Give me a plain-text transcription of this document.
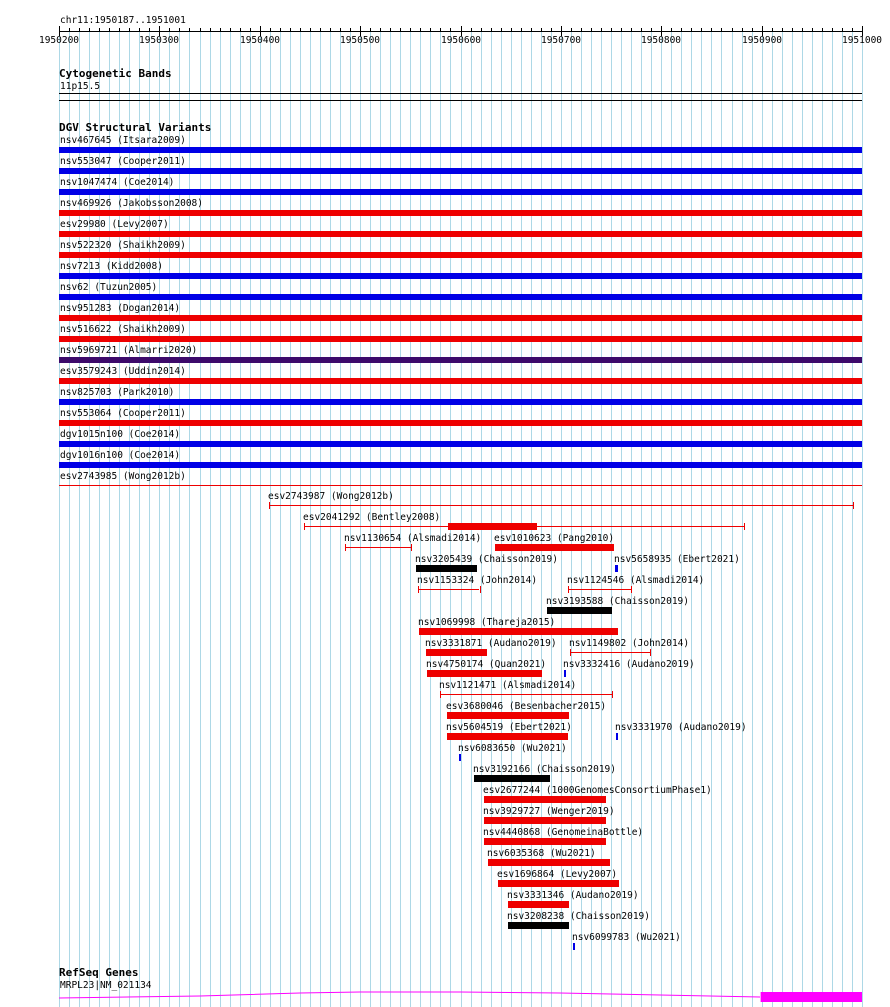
chr11:1950187..1951001
1950200	1950300	1950400	1950500	1950600	1950700	1950800	1950900	1951000
Cytogenetic Bands
11p15.5
DGV Structural Variants
nsv467645 (Itsara2009)
nsv553047 (Cooper2011)
nsv1047474 (Coe2014)
nsv469926 (Jakobsson2008)
esv29980 (Levy2007)
nsv522320 (Shaikh2009)
nsv7213 (Kidd2008)
nsv62 (Tuzun2005)
nsv951283 (Dogan2014)
nsv516622 (Shaikh2009)
nsv5969721 (Almarri2020)
esv3579243 (Uddin2014)
nsv825703 (Park2010)
nsv553064 (Cooper2011)
dgv1015n100 (Coe2014)
dgv1016n100 (Coe2014)
esv2743985 (Wong2012b)
esv2743987 (Wong2012b)
esv2041292 (Bentley2008)
nsv1130654 (Alsmadi2014) esv1010623 (Pang2010)
nsv3205439 (Chaisson2019)
nsv1124546 (Alsmadi2014)
nsv1153324 (John2014)
nsv3193588 (Chaisson2019)
nsv1069998 (Thareja2015)
nsv3331871 (Audano2019) nsv1149802 (John2014)
nsv4750174 (Quan2021) nsv3332416 (Audano2019)
nsv1121471 (Alsmadi2014)
nsv5658935 (Ebert2021)
esv3680046 (Besenbacher2015)
nsv5604519 (Ebert2021)	nsv3331970 (Audano2019)
nsv6083650 (Wu2021)
nsv3192166 (Chaisson2019)
esv2677244 (1000GenomesConsortiumPhase1)
nsv3929727 (Wenger2019)
nsv4440868 (GenomeinaBottle)
nsv6035368 (Wu2021)
esv1696864 (Levy2007)
nsv3331346 (Audano2019)
nsv3208238 (Chaisson2019)
nsv6099783 (Wu2021)
RefSeq Genes
MRPL23|NM_021134
